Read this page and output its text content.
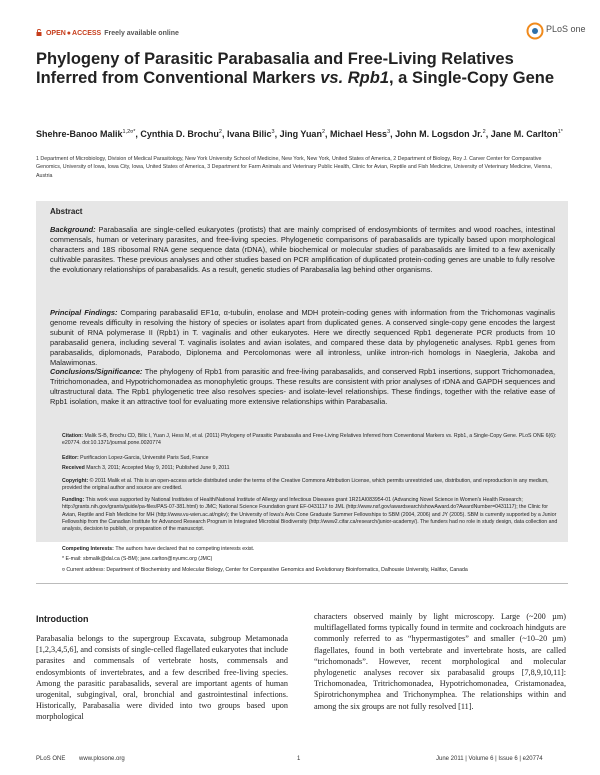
OPEN●ACCESS Freely available online	PLoS one
Phylogeny of Parasitic Parabasalia and Free-Living Relatives Inferred from Conventional Markers vs. Rpb1, a Single-Copy Gene
Shehre-Banoo Malik$^{1,2¤*}$, Cynthia D. Brochu$^2$, Ivana Bilic$^3$, Jing Yuan$^2$, Michael Hess$^3$, John M. Logsdon Jr.$^2$, Jane M. Carlton$^{1*}$
1 Department of Microbiology, Division of Medical Parasitology, New York University School of Medicine, New York, New York, United States of America, 2 Department of Biology, Roy J. Carver Center for Comparative Genomics, University of Iowa, Iowa City, Iowa, United States of America, 3 Department for Farm Animals and Veterinary Public Health, Clinic for Avian, Reptile and Fish Medicine, University of Veterinary Medicine, Vienna, Austria
Abstract

Background: Parabasalia are single-celled eukaryotes (protists) that are mainly comprised of endosymbionts of termites and wood roaches, intestinal commensals, human or veterinary parasites, and free-living species. Phylogenetic comparisons of parabasalids are typically based upon morphological characters and 18S ribosomal RNA gene sequence data (rDNA), while biochemical or molecular studies of parabasalids are limited to a few axenically cultivable parasites. These previous analyses and other studies based on PCR amplification of duplicated protein-coding genes are unable to fully resolve the evolutionary relationships of parabasalids. As a result, genetic studies of Parabasalia lag behind other organisms.

Principal Findings: Comparing parabasalid EF1α, α-tubulin, enolase and MDH protein-coding genes with information from the Trichomonas vaginalis genome reveals difficulty in resolving the history of species or isolates apart from duplicated genes. A conserved single-copy gene encodes the largest subunit of RNA polymerase II (Rpb1) in T. vaginalis and other eukaryotes. Here we directly sequenced Rpb1 degenerate PCR products from 10 parabasalid genera, including several T. vaginalis isolates and avian isolates, and compared these data by phylogenetic analyses. Rpb1 genes from parabasalids, diplomonads, Parabodo, Diplonema and Percolomonas were all intronless, unlike intron-rich homologs in Naegleria, Jakoba and Malawimonas.

Conclusions/Significance: The phylogeny of Rpb1 from parasitic and free-living parabasalids, and conserved Rpb1 insertions, support Trichomonadea, Tritrichomonadea, and Hypotrichomonadea as monophyletic groups. These results are consistent with prior analyses of rDNA and GAPDH sequences and ultrastructural data. The Rpb1 phylogenetic tree also resolves species- and isolate-level relationships. These findings, together with the relative ease of Rpb1 isolation, make it an attractive tool for evaluating more extensive relationships within Parabasalia.

Citation: Malik S-B, Brochu CD, Bilic I, Yuan J, Hess M, et al. (2011) Phylogeny of Parasitic Parabasalia and Free-Living Relatives Inferred from Conventional Markers vs. Rpb1, a Single-Copy Gene. PLoS ONE 6(6): e20774. doi:10.1371/journal.pone.0020774

Editor: Purificacion Lopez-Garcia, Université Paris Sud, France

Received March 3, 2011; Accepted May 9, 2011; Published June 9, 2011

Copyright: © 2011 Malik et al. This is an open-access article distributed under the terms of the Creative Commons Attribution License, which permits unrestricted use, distribution, and reproduction in any medium, provided the original author and source are credited.

Funding: This work was supported by National Institutes of Health/National Institute of Allergy and Infectious Diseases grant 1R21AI083954-01 (Advancing Novel Science in Women's Health Research; http://grants.nih.gov/grants/guide/pa-files/PAS-07-381.html) to JMC; National Science Foundation grant EF-0431117 to JML (http://www.nsf.gov/awardsearch/showAward.do?AwardNumber=0431117); the Clinic for Avian, Reptile and Fish Medicine for MH (http://www.vu-wien.ac.at/ngkv); the University of Iowa's Avis Cone Graduate Summer Fellowships to SBM (2004, 2006) and JY (2005). SBM is currently supported by a Junior Fellowship from the Canadian Institute for Advanced Research Program in Integrated Microbial Biodiversity (http://www2.cifar.ca/research/junior-academy/). The funders had no role in study design, data collection and analysis, decision to publish, or preparation of the manuscript.

Competing Interests: The authors have declared that no competing interests exist.

* E-mail: sbmalik@dal.ca (S-BM); jane.carlton@nyumc.org (JMC)

¤ Current address: Department of Biochemistry and Molecular Biology, Center for Comparative Genomics and Evolutionary Bioinformatics, Dalhousie University, Halifax, Canada

Introduction

Parabasalia belongs to the supergroup Excavata, subgroup Metamonada [1,2,3,4,5,6], and consists of single-celled flagellated eukaryotes that include parasites and commensals of vertebrate hosts, commensals and endosymbionts of invertebrates, and a few described free-living species. Among the parasitic parabasalids, several are important agents of human urogenital, subgingival, oral, bronchial and gastrointestinal infections. Historically, Parabasalia were divided into two groups based upon morphological

characters observed mainly by light microscopy. Large (~200 µm) multiflagellated forms typically found in termite and cockroach hindguts are commonly referred to as “hypermastigotes” and smaller (~10–20 µm) flagellates, found in both vertebrate and invertebrate hosts, are called “trichomonads”. However, recent morphological and molecular phylogenetic analyses recover six parabasalid groups [7,8,9,10,11]: Trichomonadea, Tritrichomonadea, Hypotrichomonadea, Cristamonadea, Spirotrichonymphea and Trichonymphea. The relationships within and among the six groups are not fully resolved [11].

PLoS ONE www.plosone.org	1	June 2011 | Volume 6 | Issue 6 | e20774
